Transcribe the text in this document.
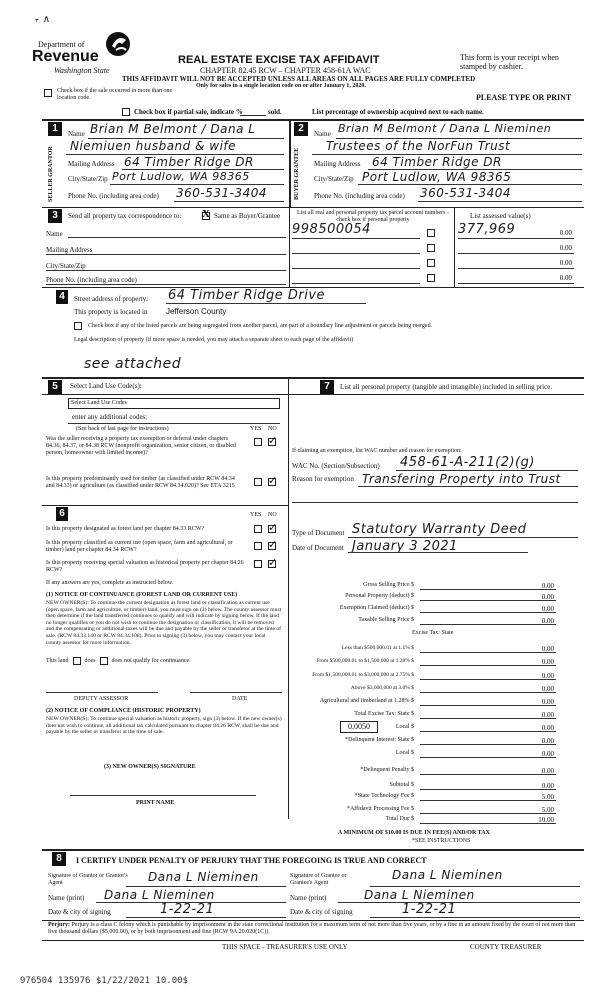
ᵣ̵ ∧
Department of
Revenue
Washington State
REAL ESTATE EXCISE TAX AFFIDAVIT
CHAPTER 82.45 RCW – CHAPTER 458-61A WAC
THIS AFFIDAVIT WILL NOT BE ACCEPTED UNLESS ALL AREAS ON ALL PAGES ARE FULLY COMPLETED
Only for sales in a single location code on or after January 1, 2020.
This form is your receipt when stamped by cashier.
Check box if the sale occurred in more than one location code.	PLEASE TYPE OR PRINT
Check box if partial sale, indicate %	sold.	List percentage of ownership acquired next to each name.
1
SELLER GRANTOR
Name Brian M Belmont / Dana L
Niemiuen husband & wife
Mailing Address 64 Timber Ridge DR
City/State/Zip Port Ludlow, WA 98365
Phone No. (including area code) 360-531-3404
2
BUYER GRANTEE
Name Brian M Belmont / Dana L Nieminen
Trustees of the NorFun Trust
Mailing Address 64 Timber Ridge DR
City/State/Zip Port Ludlow, WA 98365
Phone No. (including area code) 360-531-3404
3	Send all property tax correspondence to: X Same as Buyer/Grantee
Name
Mailing Address
City/State/Zip
Phone No. (including area code)
List all real and personal property tax parcel account numbers - check box if personal property	List assessed value(s)
998500054	377,969	0.00
0.00
0.00
0.00
4	Street address of property: 64 Timber Ridge Drive
This property is located in Jefferson County
Check box if any of the listed parcels are being segregated from another parcel, are part of a boundary line adjustment or parcels being merged.
Legal description of property (if more space is needed, you may attach a separate sheet to each page of the affidavit)
see attached
5	Select Land Use Code(s):
Select Land Use Codes
enter any additional codes:
(See back of last page for instructions)	YES NO
Was the seller receiving a property tax exemption or deferral under chapters 84.36, 84.37, or 84.38 RCW (nonprofit organization, senior citizen, or disabled person, homeowner with limited income)?
✓
Is this property predominantly used for timber (as classified under RCW 84.34 and 84.33) or agriculture (as classified under RCW 84.34.020)? See ETA 3215	✓
6	YES NO
Is this property designated as forest land per chapter 84.33 RCW?	✓
Is this property classified as current use (open space, farm and agricultural, or timber) land per chapter 84.34 RCW?	✓
Is this property receiving special valuation as historical property per chapter 84.26 RCW?
✓
If any answers are yes, complete as instructed below.
(1) NOTICE OF CONTINUANCE (FOREST LAND OR CURRENT USE)
NEW OWNER(S): To continue the current designation as forest land or classification as current use (open space, farm and agriculture, or timber) land, you must sign on (3) below. The county assessor must then determine if the land transferred continues to qualify and will indicate by signing below. If the land no longer qualifies or you do not wish to continue the designation or classification, it will be removed and the compensating or additional taxes will be due and payable by the seller or transferor at the time of sale. (RCW 84.33.140 or RCW 84.34.108). Prior to signing (3) below, you may contact your local county assessor for more information.
This land	does	does not qualify for continuance.
DEPUTY ASSESSOR	DATE
(2) NOTICE OF COMPLIANCE (HISTORIC PROPERTY)
NEW OWNER(S): To continue special valuation as historic property, sign (3) below. If the new owner(s) does not wish to continue, all additional tax calculated pursuant to chapter 84.26 RCW, shall be due and payable by the seller or transferor at the time of sale.
(3) NEW OWNER(S) SIGNATURE
PRINT NAME
7	List all personal property (tangible and intangible) included in selling price.
If claiming an exemption, list WAC number and reason for exemption:
WAC No. (Section/Subsection) 458-61-A-211(2)(g)
Reason for exemption Transfering Property into Trust
Type of Document Statutory Warranty Deed
Date of Document January 3 2021
Gross Selling Price $	0.00
Personal Property (deduct) $	0.00
Exemption Claimed (deduct) $	0.00
Taxable Selling Price $	0.00
Excise Tax: State
Less than $500,000.01 at 1.1% $	0.00
From $500,000.01 to $1,500,000 at 1.28% $	0.00
From $1,500,000.01 to $3,000,000 at 2.75% $	0.00
Above $3,000,000 at 3.0% $	0.00
Agricultural and timberland at 1.28% $	0.00
Total Excise Tax: State $	0.00
0.0050	Local $	0.00
*Delinquent Interest: State $	0.00
Local $	0.00
*Delinquent Penalty $	0.00
Subtotal $	0.00
*State Technology Fee $	5.00
*Affidavit Processing Fee $	5.00
Total Due $	10.00
A MINIMUM OF $10.00 IS DUE IN FEE(S) AND/OR TAX
*SEE INSTRUCTIONS
8	I CERTIFY UNDER PENALTY OF PERJURY THAT THE FOREGOING IS TRUE AND CORRECT
Signature of Grantor or Grantor's Agent	Dana L Nieminen
Name (print) Dana L Nieminen
Date & city of signing	1-22-21
Signature of Grantee or Grantee's Agent
Dana L Nieminen
Name (print)	Dana L Nieminen
Date & city of signing	1-22-21
Perjury: Perjury is a class C felony which is punishable by imprisonment in the state correctional institution for a maximum term of not more than five years, or by a fine in an amount fixed by the court of not more than five thousand dollars ($5,000.00), or by both imprisonment and fine (RCW 9A.20.020(1C)).
THIS SPACE - TREASURER'S USE ONLY	COUNTY TREASURER
976504 135976 $1/22/2021 10.00$
